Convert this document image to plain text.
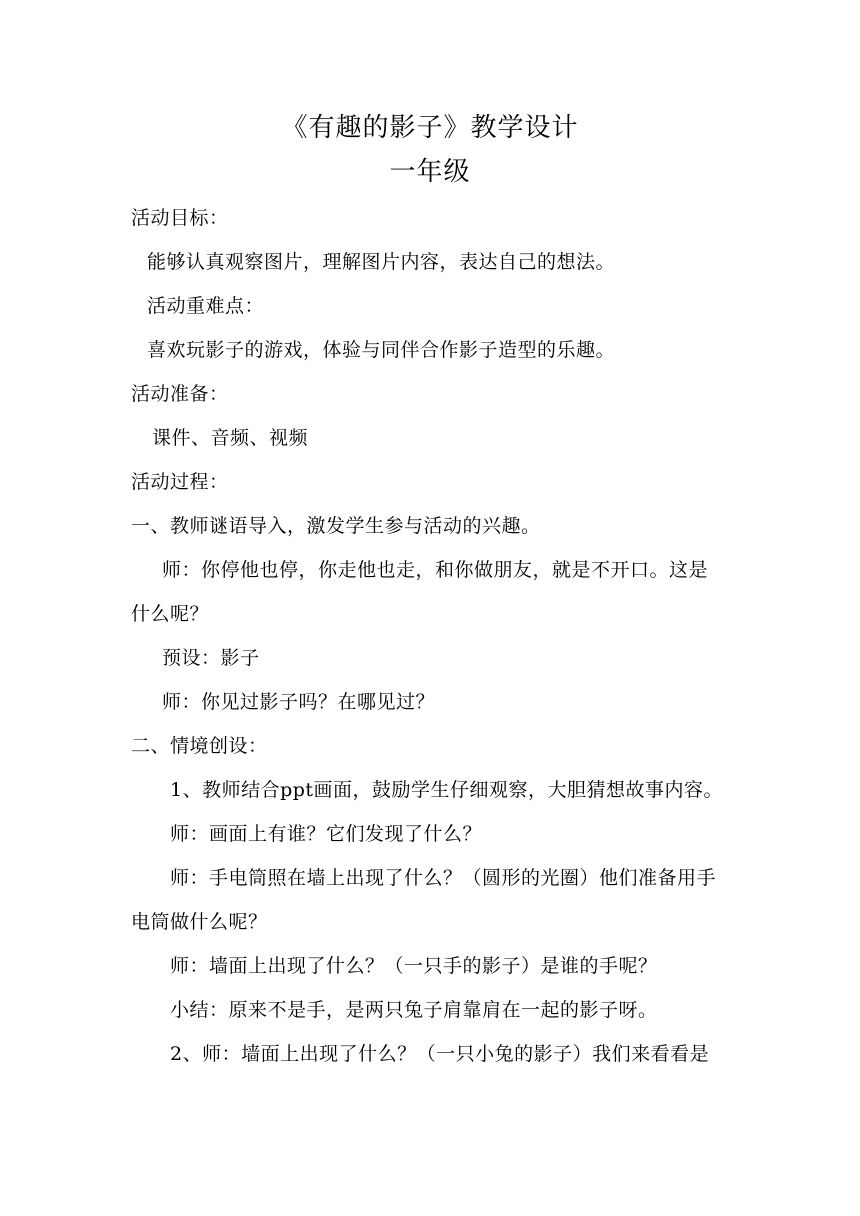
《有趣的影子》教学设计
一年级
活动目标：
能够认真观察图片，理解图片内容，表达自己的想法。
活动重难点：
喜欢玩影子的游戏，体验与同伴合作影子造型的乐趣。
活动准备：
课件、音频、视频
活动过程：
一、教师谜语导入，激发学生参与活动的兴趣。
师：你停他也停，你走他也走，和你做朋友，就是不开口。这是
什么呢？
预设：影子
师：你见过影子吗？在哪见过？
二、情境创设：
1、教师结合ppt画面，鼓励学生仔细观察，大胆猜想故事内容。
师：画面上有谁？它们发现了什么？
师：手电筒照在墙上出现了什么？（圆形的光圈）他们准备用手
电筒做什么呢？
师：墙面上出现了什么？（一只手的影子）是谁的手呢？
小结：原来不是手，是两只兔子肩靠肩在一起的影子呀。
2、师：墙面上出现了什么？（一只小兔的影子）我们来看看是
